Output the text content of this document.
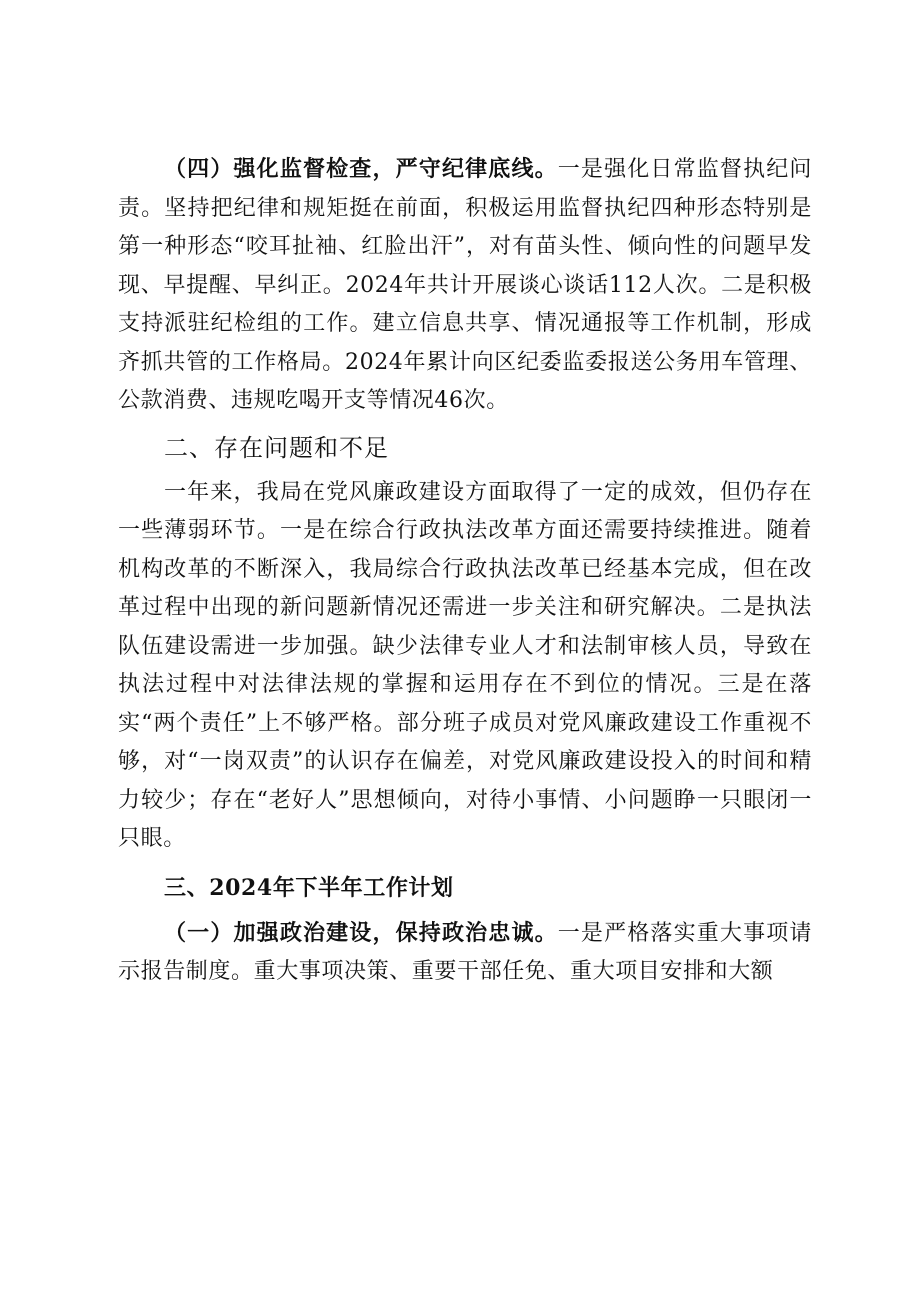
（四）强化监督检查，严守纪律底线。一是强化日常监督执纪问责。坚持把纪律和规矩挺在前面，积极运用监督执纪四种形态特别是第一种形态“咬耳扯袖、红脸出汗”，对有苗头性、倾向性的问题早发现、早提醒、早纠正。2024年共计开展谈心谈话112人次。二是积极支持派驻纪检组的工作。建立信息共享、情况通报等工作机制，形成齐抓共管的工作格局。2024年累计向区纪委监委报送公务用车管理、公款消费、违规吃喝开支等情况46次。

二、存在问题和不足

一年来，我局在党风廉政建设方面取得了一定的成效，但仍存在一些薄弱环节。一是在综合行政执法改革方面还需要持续推进。随着机构改革的不断深入，我局综合行政执法改革已经基本完成，但在改革过程中出现的新问题新情况还需进一步关注和研究解决。二是执法队伍建设需进一步加强。缺少法律专业人才和法制审核人员，导致在执法过程中对法律法规的掌握和运用存在不到位的情况。三是在落实“两个责任”上不够严格。部分班子成员对党风廉政建设工作重视不够，对“一岗双责”的认识存在偏差，对党风廉政建设投入的时间和精力较少；存在“老好人”思想倾向，对待小事情、小问题睁一只眼闭一只眼。

三、2024年下半年工作计划

（一）加强政治建设，保持政治忠诚。一是严格落实重大事项请示报告制度。重大事项决策、重要干部任免、重大项目安排和大额
